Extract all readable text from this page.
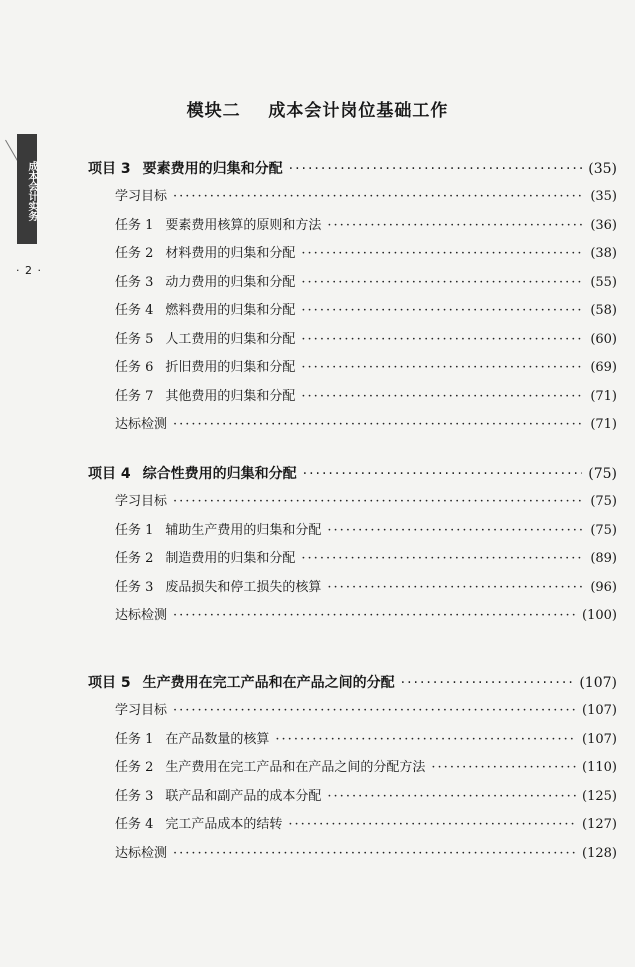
模块二    成本会计岗位基础工作
成本会计实务
· 2 ·
项目 3 要素费用的归集和分配 ·····	(35)
学习目标 ·····	(35)
任务 1 要素费用核算的原则和方法 ·····	(36)
任务 2 材料费用的归集和分配 ·····	(38)
任务 3 动力费用的归集和分配 ·····	(55)
任务 4 燃料费用的归集和分配 ·····	(58)
任务 5 人工费用的归集和分配 ·····	(60)
任务 6 折旧费用的归集和分配 ·····	(69)
任务 7 其他费用的归集和分配 ·····	(71)
达标检测 ·····	(71)
项目 4 综合性费用的归集和分配 ·····	(75)
学习目标 ·····	(75)
任务 1 辅助生产费用的归集和分配 ·····	(75)
任务 2 制造费用的归集和分配 ·····	(89)
任务 3 废品损失和停工损失的核算 ·····	(96)
达标检测 ·····	(100)
项目 5 生产费用在完工产品和在产品之间的分配 ·····	(107)
学习目标 ·····	(107)
任务 1 在产品数量的核算 ·····	(107)
任务 2 生产费用在完工产品和在产品之间的分配方法 ·····	(110)
任务 3 联产品和副产品的成本分配 ·····	(125)
任务 4 完工产品成本的结转 ·····	(127)
达标检测 ·····	(128)
